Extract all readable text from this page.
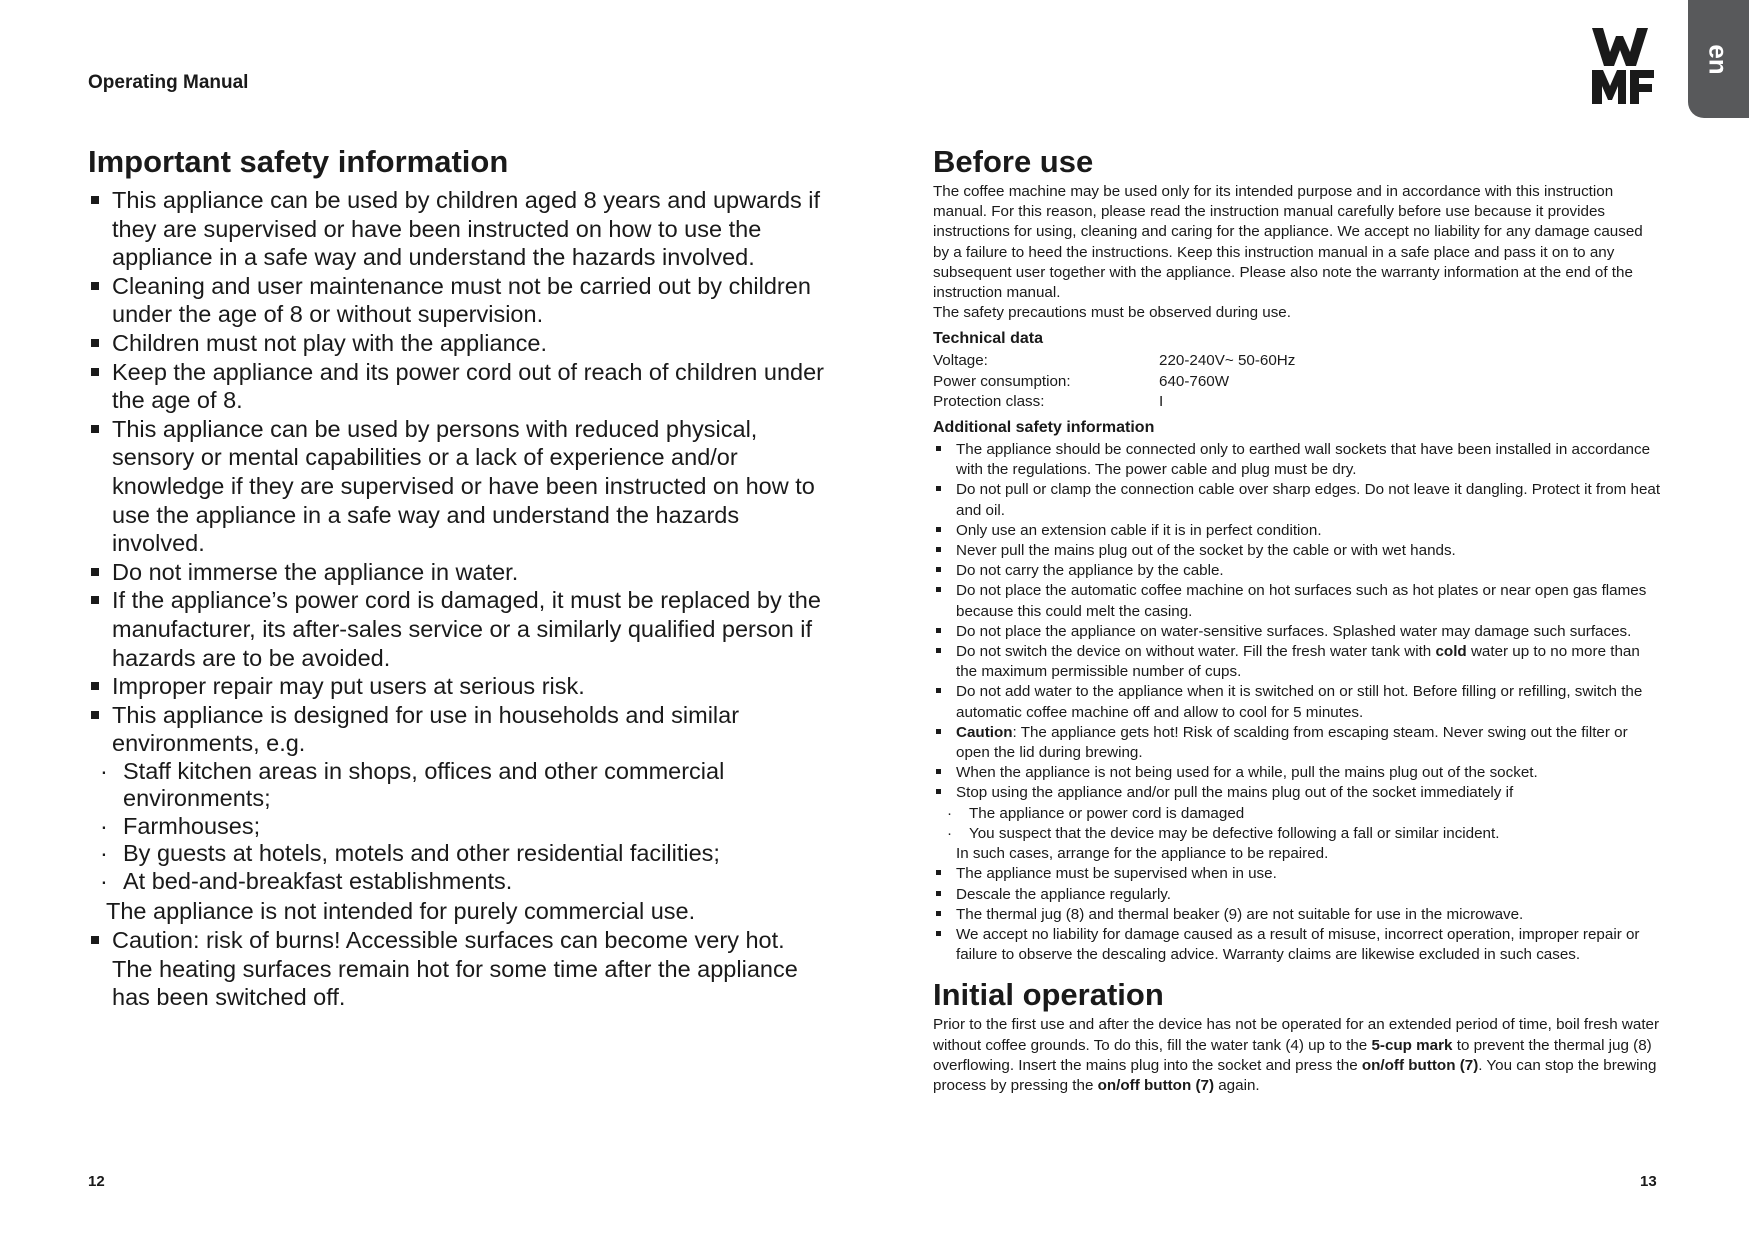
Operating Manual
en
Important safety information
This appliance can be used by children aged 8 years and upwards if they are supervised or have been instructed on how to use the appliance in a safe way and understand the hazards involved.
Cleaning and user maintenance must not be carried out by children under the age of 8 or without supervision.
Children must not play with the appliance.
Keep the appliance and its power cord out of reach of children under the age of 8.
This appliance can be used by persons with reduced physical, sensory or mental capabilities or a lack of experience and/or knowledge if they are supervised or have been instructed on how to use the appliance in a safe way and understand the hazards involved.
Do not immerse the appliance in water.
If the appliance’s power cord is damaged, it must be replaced by the manufacturer, its after-sales service or a similarly qualified person if hazards are to be avoided.
Improper repair may put users at serious risk.
This appliance is designed for use in households and similar environments, e.g.
· Staff kitchen areas in shops, offices and other commercial environments;
· Farmhouses;
· By guests at hotels, motels and other residential facilities;
· At bed-and-breakfast establishments.
The appliance is not intended for purely commercial use.
Caution: risk of burns! Accessible surfaces can become very hot. The heating surfaces remain hot for some time after the appliance has been switched off.
Before use

The coffee machine may be used only for its intended purpose and in accordance with this instruction manual. For this reason, please read the instruction manual carefully before use because it provides instructions for using, cleaning and caring for the appliance. We accept no liability for any damage caused by a failure to heed the instructions. Keep this instruction manual in a safe place and pass it on to any subsequent user together with the appliance. Please also note the warranty information at the end of the instruction manual.

The safety precautions must be observed during use.

Technical data
Voltage:	220-240V~ 50-60Hz
Power consumption:	640-760W
Protection class:	I
Additional safety information
The appliance should be connected only to earthed wall sockets that have been installed in accordance with the regulations. The power cable and plug must be dry.
Do not pull or clamp the connection cable over sharp edges. Do not leave it dangling. Protect it from heat and oil.
Only use an extension cable if it is in perfect condition.
Never pull the mains plug out of the socket by the cable or with wet hands.
Do not carry the appliance by the cable.
Do not place the automatic coffee machine on hot surfaces such as hot plates or near open gas flames because this could melt the casing.
Do not place the appliance on water-sensitive surfaces. Splashed water may damage such surfaces.
Do not switch the device on without water. Fill the fresh water tank with cold water up to no more than the maximum permissible number of cups.
Do not add water to the appliance when it is switched on or still hot. Before filling or refilling, switch the automatic coffee machine off and allow to cool for 5 minutes.
Caution: The appliance gets hot! Risk of scalding from escaping steam. Never swing out the filter or open the lid during brewing.
When the appliance is not being used for a while, pull the mains plug out of the socket.
Stop using the appliance and/or pull the mains plug out of the socket immediately if
· The appliance or power cord is damaged
· You suspect that the device may be defective following a fall or similar incident.
In such cases, arrange for the appliance to be repaired.
The appliance must be supervised when in use.
Descale the appliance regularly.
The thermal jug (8) and thermal beaker (9) are not suitable for use in the microwave.
We accept no liability for damage caused as a result of misuse, incorrect operation, improper repair or failure to observe the descaling advice. Warranty claims are likewise excluded in such cases.
Initial operation

Prior to the first use and after the device has not be operated for an extended period of time, boil fresh water without coffee grounds. To do this, fill the water tank (4) up to the 5-cup mark to prevent the thermal jug (8) overflowing. Insert the mains plug into the socket and press the on/off button (7). You can stop the brewing process by pressing the on/off button (7) again.

12	13
